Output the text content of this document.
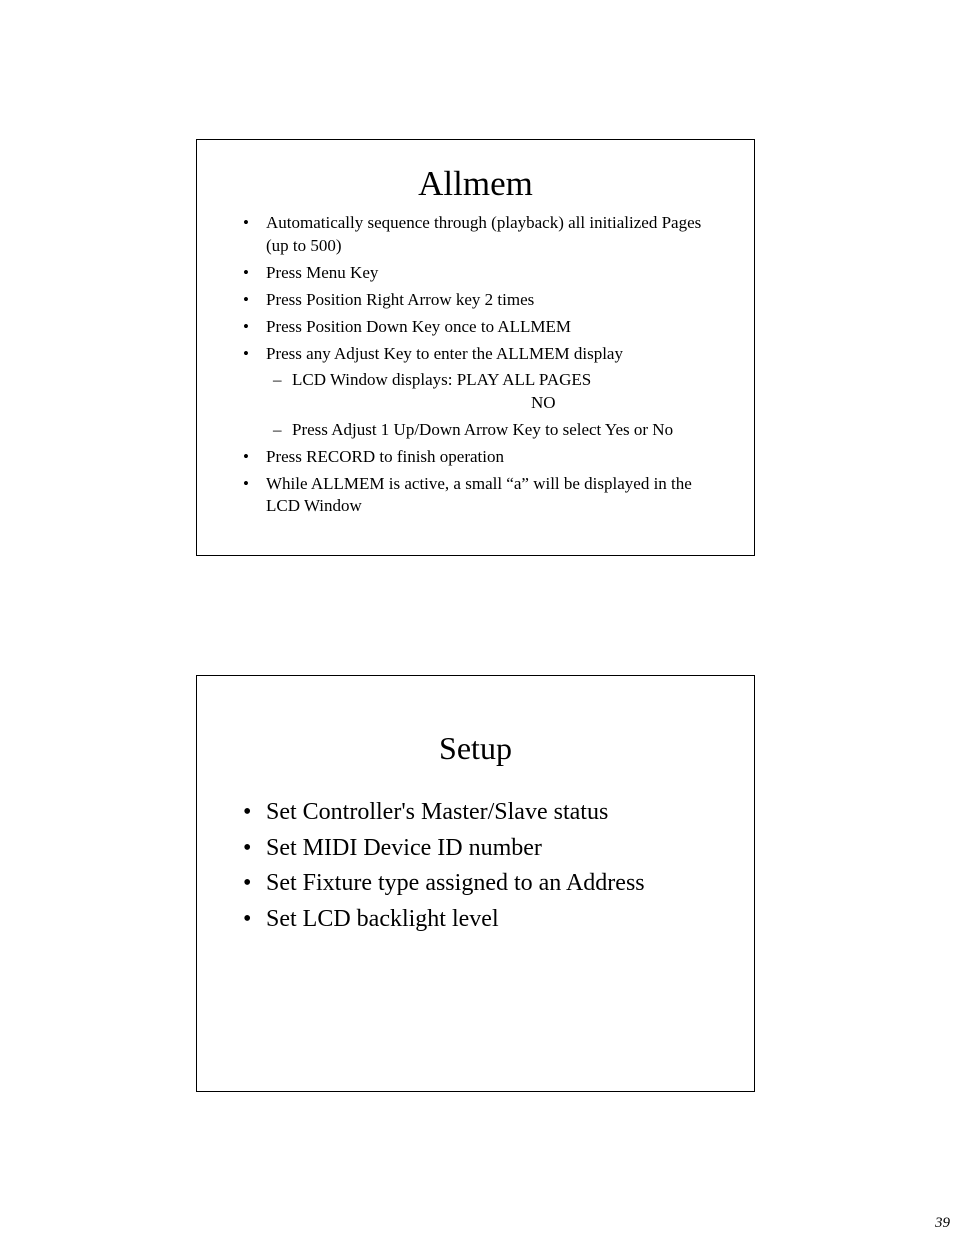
Allmem
• Automatically sequence through (playback) all initialized Pages (up to 500)
• Press Menu Key
• Press Position Right Arrow key 2 times
• Press Position Down Key once to ALLMEM
• Press any Adjust Key to enter the ALLMEM display
– LCD Window displays: PLAY ALL PAGES
NO
– Press Adjust 1 Up/Down Arrow Key to select Yes or No
• Press RECORD to finish operation
• While ALLMEM is active, a small “a” will be displayed in the LCD Window
Setup
• Set Controller's Master/Slave status
• Set MIDI Device ID number
• Set Fixture type assigned to an Address
• Set LCD backlight level
39
